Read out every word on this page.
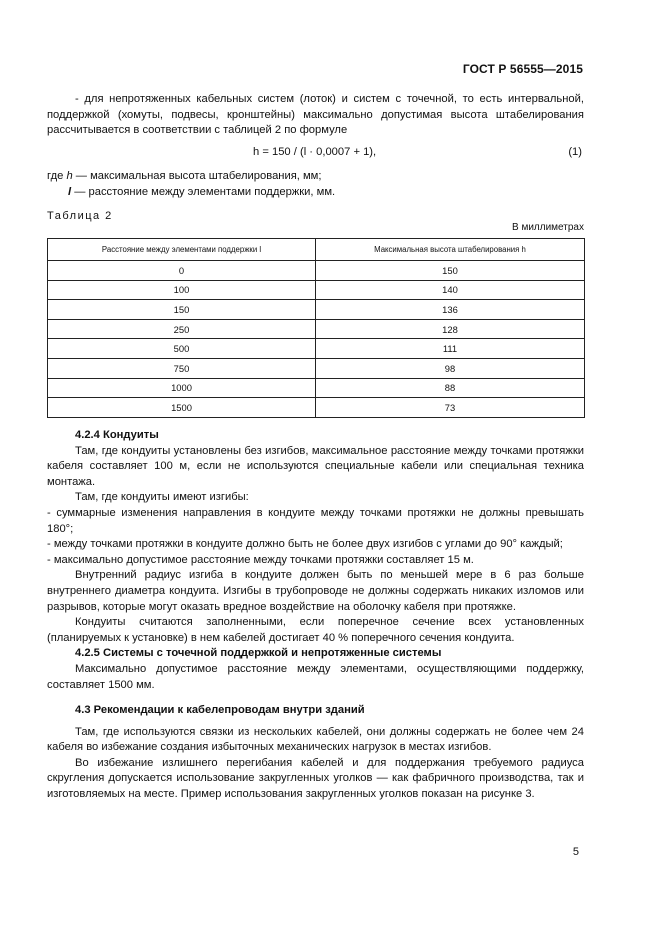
ГОСТ Р 56555—2015

- для непротяженных кабельных систем (лоток) и систем с точечной, то есть интервальной, поддержкой (хомуты, подвесы, кронштейны) максимально допустимая высота штабелирования рассчитывается в соответствии с таблицей 2 по формуле

h = 150 / (l · 0,0007 + 1),	(1)
где h — максимальная высота штабелирования, мм;
l — расстояние между элементами поддержки, мм.
Таблица 2
В миллиметрах
Расстояние между элементами поддержки l	Максимальная высота штабелирования h
0	150
100	140
150	136
250	128
500	111
750	98
1000	88
1500	73

4.2.4 Кондуиты

Там, где кондуиты установлены без изгибов, максимальное расстояние между точками протяжки кабеля составляет 100 м, если не используются специальные кабели или специальная техника монтажа.

Там, где кондуиты имеют изгибы:

- суммарные изменения направления в кондуите между точками протяжки не должны превышать 180°;

- между точками протяжки в кондуите должно быть не более двух изгибов с углами до 90° каждый;

- максимально допустимое расстояние между точками протяжки составляет 15 м.

Внутренний радиус изгиба в кондуите должен быть по меньшей мере в 6 раз больше внутреннего диаметра кондуита. Изгибы в трубопроводе не должны содержать никаких изломов или разрывов, которые могут оказать вредное воздействие на оболочку кабеля при протяжке.

Кондуиты считаются заполненными, если поперечное сечение всех установленных (планируемых к установке) в нем кабелей достигает 40 % поперечного сечения кондуита.

4.2.5 Системы с точечной поддержкой и непротяженные системы

Максимально допустимое расстояние между элементами, осуществляющими поддержку, составляет 1500 мм.

4.3 Рекомендации к кабелепроводам внутри зданий

Там, где используются связки из нескольких кабелей, они должны содержать не более чем 24 кабеля во избежание создания избыточных механических нагрузок в местах изгибов.

Во избежание излишнего перегибания кабелей и для поддержания требуемого радиуса скругления допускается использование закругленных уголков — как фабричного производства, так и изготовляемых на месте. Пример использования закругленных уголков показан на рисунке 3.

5
